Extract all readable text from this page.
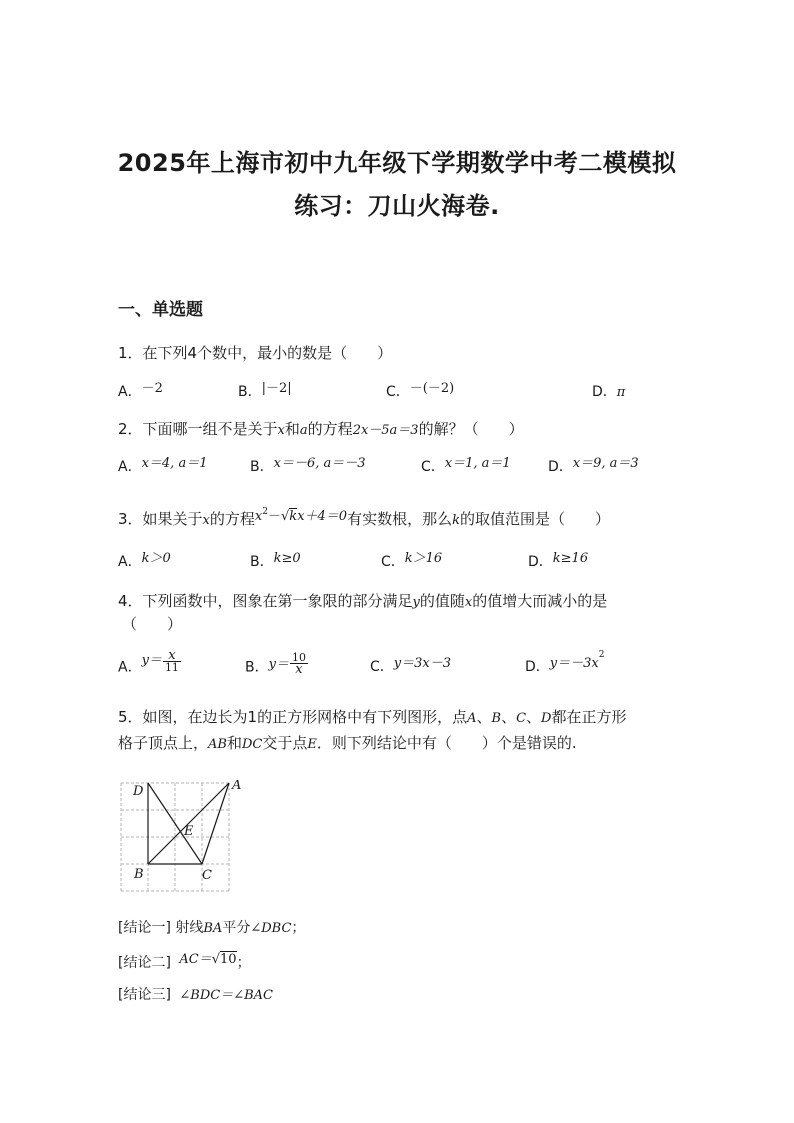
2025年上海市初中九年级下学期数学中考二模模拟
练习：刀山火海卷.
一、单选题
1．在下列4个数中，最小的数是（　　）
A．－2	B．|－2|	C．－(－2)	D．π
2．下面哪一组不是关于x和a的方程2x－5a＝3的解？（　　）
A．x＝4, a＝1	B．x＝－6, a＝－3	C．x＝1, a＝1	D．x＝9, a＝3
3．如果关于x的方程$x^2-√kx+4=0$有实数根，那么k的取值范围是（　　）
A．k＞0	B．k≥0	C．k＞16	D．k≥16
4．下列函数中，图象在第一象限的部分满足y的值随x的值增大而减小的是
（　　）
A．$y= \frac{x}{11}$	B．$y= \frac{10}{x}$	C．y＝3x－3	D．$y=-3x^2$
5．如图，在边长为1的正方形网格中有下列图形，点A、B、C、D都在正方形
格子顶点上，AB和DC交于点E．则下列结论中有（　　）个是错误的.
D	A
E
B	C
[结论一] 射线BA平分∠DBC；
[结论二] AC＝√10；
[结论三] ∠BDC＝∠BAC
